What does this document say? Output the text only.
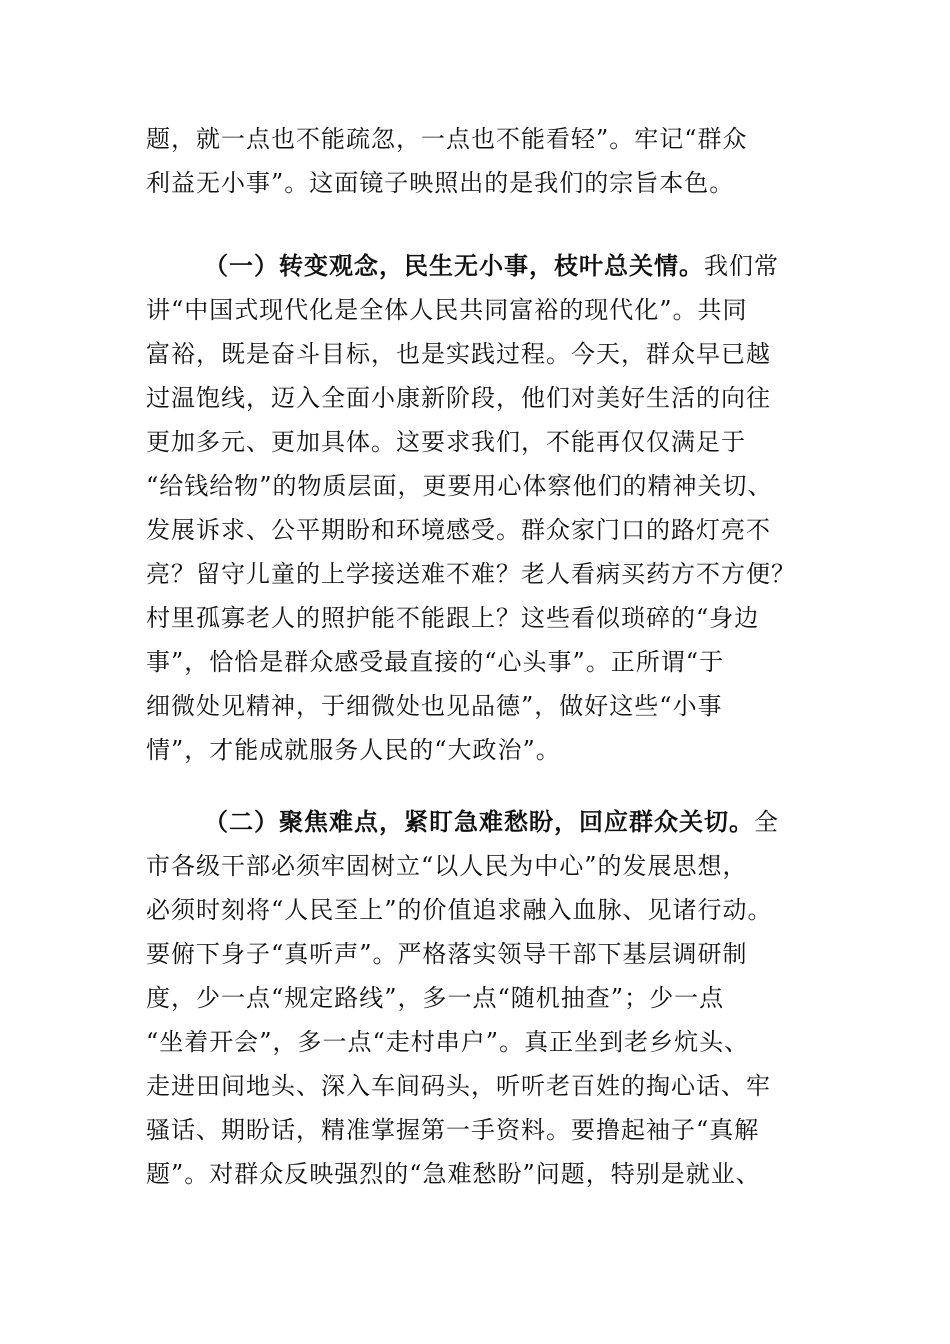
题，就一点也不能疏忽，一点也不能看轻”。牢记“群众
利益无小事”。这面镜子映照出的是我们的宗旨本色。
（一）转变观念，民生无小事，枝叶总关情。我们常
讲“中国式现代化是全体人民共同富裕的现代化”。共同
富裕，既是奋斗目标，也是实践过程。今天，群众早已越
过温饱线，迈入全面小康新阶段，他们对美好生活的向往
更加多元、更加具体。这要求我们，不能再仅仅满足于
“给钱给物”的物质层面，更要用心体察他们的精神关切、
发展诉求、公平期盼和环境感受。群众家门口的路灯亮不
亮？留守儿童的上学接送难不难？老人看病买药方不方便？
村里孤寡老人的照护能不能跟上？这些看似琐碎的“身边
事”，恰恰是群众感受最直接的“心头事”。正所谓“于
细微处见精神，于细微处也见品德”，做好这些“小事
情”，才能成就服务人民的“大政治”。
（二）聚焦难点，紧盯急难愁盼，回应群众关切。全
市各级干部必须牢固树立“以人民为中心”的发展思想，
必须时刻将“人民至上”的价值追求融入血脉、见诸行动。
要俯下身子“真听声”。严格落实领导干部下基层调研制
度，少一点“规定路线”，多一点“随机抽查”；少一点
“坐着开会”，多一点“走村串户”。真正坐到老乡炕头、
走进田间地头、深入车间码头，听听老百姓的掏心话、牢
骚话、期盼话，精准掌握第一手资料。要撸起袖子“真解
题”。对群众反映强烈的“急难愁盼”问题，特别是就业、
